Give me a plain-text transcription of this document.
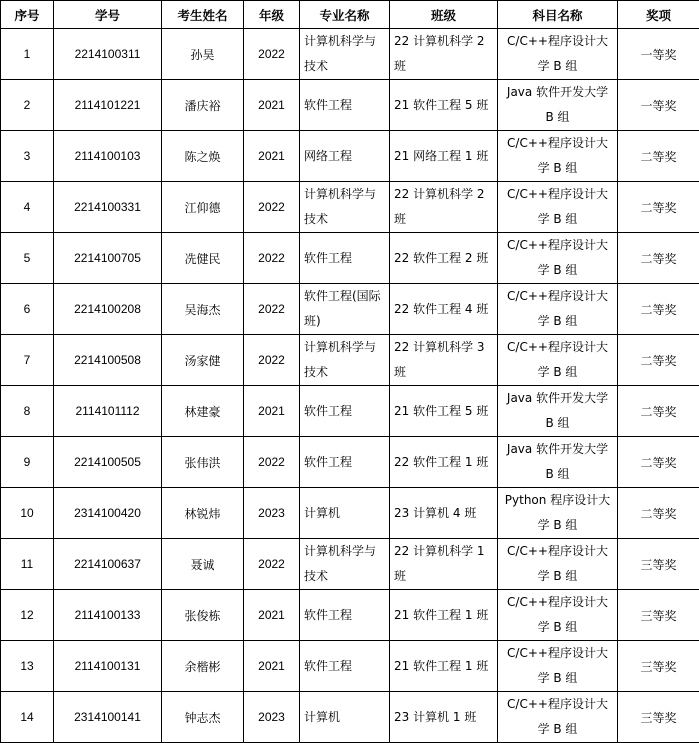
序号	学号	考生姓名	年级	专业名称	班级	科目名称	奖项
1	2214100311	孙昊	2022	计算机科学与技术	22 计算机科学 2 班	C/C++程序设计大学 B 组	一等奖
2	2114101221	潘庆裕	2021	软件工程	21 软件工程 5 班	Java 软件开发大学 B 组	一等奖
3	2114100103	陈之焕	2021	网络工程	21 网络工程 1 班	C/C++程序设计大学 B 组	二等奖
4	2214100331	江仰德	2022	计算机科学与技术	22 计算机科学 2 班	C/C++程序设计大学 B 组	二等奖
5	2214100705	冼健民	2022	软件工程	22 软件工程 2 班	C/C++程序设计大学 B 组	二等奖
6	2214100208	吴海杰	2022	软件工程(国际班)	22 软件工程 4 班	C/C++程序设计大学 B 组	二等奖
7	2214100508	汤家健	2022	计算机科学与技术	22 计算机科学 3 班	C/C++程序设计大学 B 组	二等奖
8	2114101112	林建豪	2021	软件工程	21 软件工程 5 班	Java 软件开发大学 B 组	二等奖
9	2214100505	张伟洪	2022	软件工程	22 软件工程 1 班	Java 软件开发大学 B 组	二等奖
10	2314100420	林锐炜	2023	计算机	23 计算机 4 班	Python 程序设计大学 B 组	二等奖
11	2214100637	聂诚	2022	计算机科学与技术	22 计算机科学 1 班	C/C++程序设计大学 B 组	三等奖
12	2114100133	张俊栋	2021	软件工程	21 软件工程 1 班	C/C++程序设计大学 B 组	三等奖
13	2114100131	余楷彬	2021	软件工程	21 软件工程 1 班	C/C++程序设计大学 B 组	三等奖
14	2314100141	钟志杰	2023	计算机	23 计算机 1 班	C/C++程序设计大学 B 组	三等奖
